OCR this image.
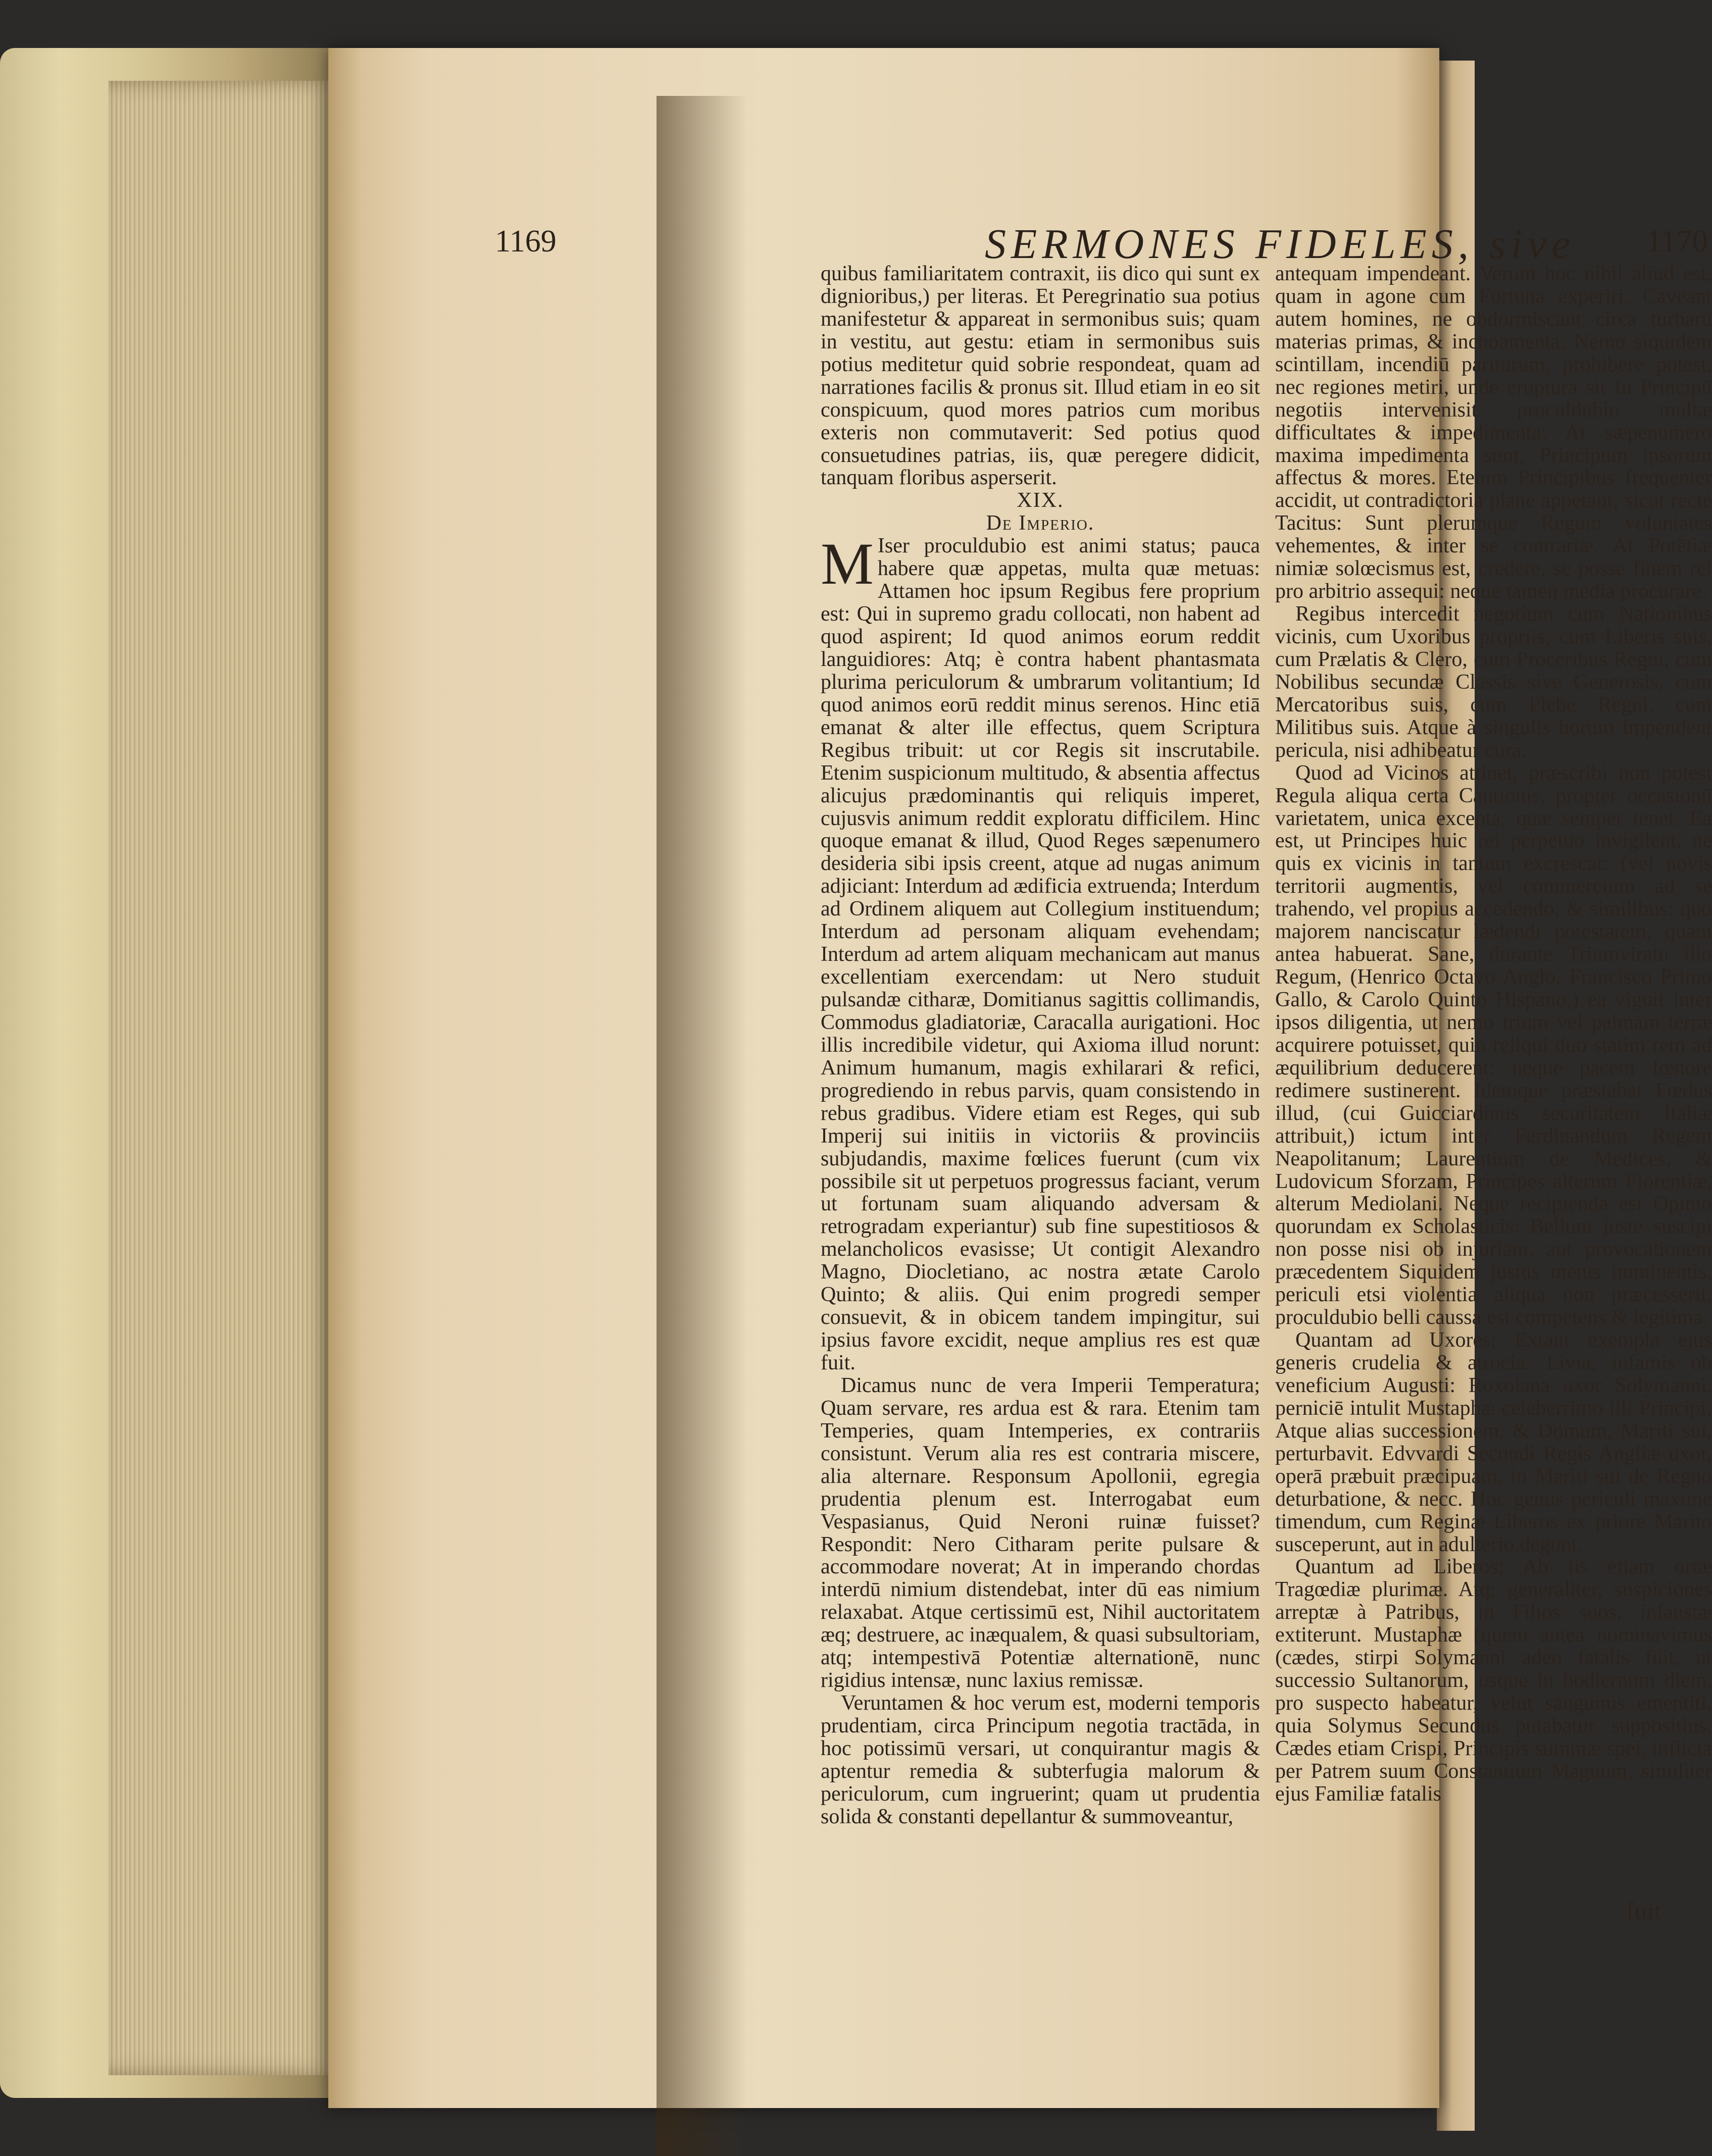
1169	SERMONES FIDELES, sive	1170

quibus familiaritatem contraxit, iis dico qui sunt ex dignioribus,) per literas. Et Peregrinatio sua potius manifestetur & appareat in sermonibus suis; quam in vestitu, aut gestu: etiam in sermonibus suis potius meditetur quid sobrie respondeat, quam ad narrationes facilis & pronus sit. Illud etiam in eo sit conspicuum, quod mores patrios cum moribus exteris non commutaverit: Sed potius quod consuetudines patrias, iis, quæ peregere didicit, tanquam floribus asperserit.

XIX.

De Imperio.

M Iser proculdubio est animi status; pauca habere quæ appetas, multa quæ metuas: Attamen hoc ipsum Regibus fere proprium est: Qui in supremo gradu collocati, non habent ad quod aspirent; Id quod animos eorum reddit languidiores: Atq; è contra habent phantasmata plurima periculorum & umbrarum volitantium; Id quod animos eorū reddit minus serenos. Hinc etiā emanat & alter ille effectus, quem Scriptura Regibus tribuit: ut cor Regis sit inscrutabile. Etenim suspicionum multitudo, & absentia affectus alicujus prædominantis qui reliquis imperet, cujusvis animum reddit exploratu difficilem. Hinc quoque emanat & illud, Quod Reges sæpenumero desideria sibi ipsis creent, atque ad nugas animum adjiciant: Interdum ad ædificia extruenda; Interdum ad Ordinem aliquem aut Collegium instituendum; Interdum ad personam aliquam evehendam; Interdum ad artem aliquam mechanicam aut manus excellentiam exercendam: ut Nero studuit pulsandæ citharæ, Domitianus sagittis collimandis, Commodus gladiatoriæ, Caracalla aurigationi. Hoc illis incredibile videtur, qui Axioma illud norunt: Animum humanum, magis exhilarari & refici, progrediendo in rebus parvis, quam consistendo in rebus gradibus. Videre etiam est Reges, qui sub Imperij sui initiis in victoriis & provinciis subjudandis, maxime fœlices fuerunt (cum vix possibile sit ut perpetuos progressus faciant, verum ut fortunam suam aliquando adversam & retrogradam experiantur) sub fine supestitiosos & melancholicos evasisse; Ut contigit Alexandro Magno, Diocletiano, ac nostra ætate Carolo Quinto; & aliis. Qui enim progredi semper consuevit, & in obicem tandem impingitur, sui ipsius favore excidit, neque amplius res est quæ fuit.

Dicamus nunc de vera Imperii Temperatura; Quam servare, res ardua est & rara. Etenim tam Temperies, quam Intemperies, ex contrariis consistunt. Verum alia res est contraria miscere, alia alternare. Responsum Apollonii, egregia prudentia plenum est. Interrogabat eum Vespasianus, Quid Neroni ruinæ fuisset? Respondit: Nero Citharam perite pulsare & accommodare noverat; At in imperando chordas interdū nimium distendebat, inter dū eas nimium relaxabat. Atque certissimū est, Nihil auctoritatem æq; destruere, ac inæqualem, & quasi subsultoriam, atq; intempestivā Potentiæ alternationē, nunc rigidius intensæ, nunc laxius remissæ.

Veruntamen & hoc verum est, moderni temporis prudentiam, circa Principum negotia tractāda, in hoc potissimū versari, ut conquirantur magis & aptentur remedia & subterfugia malorum & periculorum, cum ingruerint; quam ut prudentia solida & constanti depellantur & summoveantur,

antequam impendeant. Verum hoc nihil aliud est, quam in agone cum Fortuna experiri. Caveant autem homines, ne obdormiscant circa turbarū materias primas, & inchoamenta. Nemo siquidem scintillam, incendiū pariturum, prohibere potest, nec regiones metiri, unde eruptura sit In Principū negotiis intervenisit proculdubio multæ difficultates & impedimenta; At sæpenumero maxima impedimenta sunt, Principum ipsorum affectus & mores. Etenim Principibus frequenter accidit, ut contradictoria plane appetant; sicut rectè Tacitus: Sunt plerumque Regum voluntates vehementes, & inter se contrariæ. At Potētiæ nimiæ solœcismus est, credere, se posse finem rei pro arbitrio assequi: neque tamen media procurare.

Regibus intercedit negotium cum Nationibus vicinis, cum Uxoribus propriis, cum Liberis suis, cum Prælatis & Clero, cum Proceribus Regni, cum Nobilibus secundæ Classis sive Generosis, cum Mercatoribus suis, cum Plebe Regni, cum Militibus suis. Atque à singulis horum impendent pericula, nisi adhibeatur cura.

Quod ad Vicinos attinet, præscribi non potest Regula aliqua certa Cautionis, propter occasionū varietatem, unica excepta, quæ semper tenet. Ea est, ut Principes huic rei perpetuo invigilent, ne quis ex vicinis in tantum excrescat: (vel novis territorii augmentis, vel commercium ad se trahendo, vel propius accedendo, & similibus: quo majorem nanciscatur lædendi potestatem, quam antea habuerat. Sane, durante Triumviratu illo Regum, (Henrico Octavo Anglo, Francisco Primo Gallo, & Carolo Quinto Hispano,) ea viguit inter ipsos diligentia, ut nemo trium vel palmam terræ acquirere potuisset, quin reliqui duo statim rem ad æquilibrium deducerent: neque pacem fœnore redimere sustinerent. Idemque præstabat Fœdus illud, (cui Guicciardinus securitatem Italiæ attribuit,) ictum inter Ferdinandum Regem Neapolitanum; Laurentium de Medices, & Ludovicum Sforzam, Principes alterum Florentiæ, alterum Mediolani. Neque recipienda est Opinio quorundam ex Scholasticis: Bellum juste suscipi non posse nisi ob injuriam, aut provocationem præcedentem Siquidem justus metus imminentis, periculi etsi violentia aliqua non præcesserit, proculdubio belli caussa est competens & legitima.

Quantam ad Uxores; Extant exempla ejus generis crudelia & atrocia. Livia, infamis ob veneficium Augusti: Roxolana uxor Solymanni, perniciē intulit Mustaphæ celeberrimo illi Principi; Atque alias successionem, & Domum, Mariti sui, perturbavit. Edvvardi Secundi Regis Angliæ uxor, operā præbuit præcipuam, in Mariti sui de Regno deturbatione, & necc. Hoc genus periculi maxime timendum, cum Reginæ Liberos ex priore Marito susceperunt, aut in adulterio degunt.

Quantum ad Liberos; Ab iis etiam ortæ Tragœdiæ plurimæ. Atq; generaliter, suspiciones arreptæ à Patribus, in Filios suos, infaustæ extiterunt. Mustaphæ (quem antea nominavimus (cædes, stirpi Solymanni adeo fatalis fuit, ut successio Sultanorum, usque in hodiernum diem, pro suspecto habeatur, velut sanguinis ementiti, quia Solymus Secundus putabatur suppositius. Cædes etiam Crispi, Principis summæ spei, inflicta per Patrem suum Constantium Magnum, similiter ejus Familiæ fatalis

fuit
